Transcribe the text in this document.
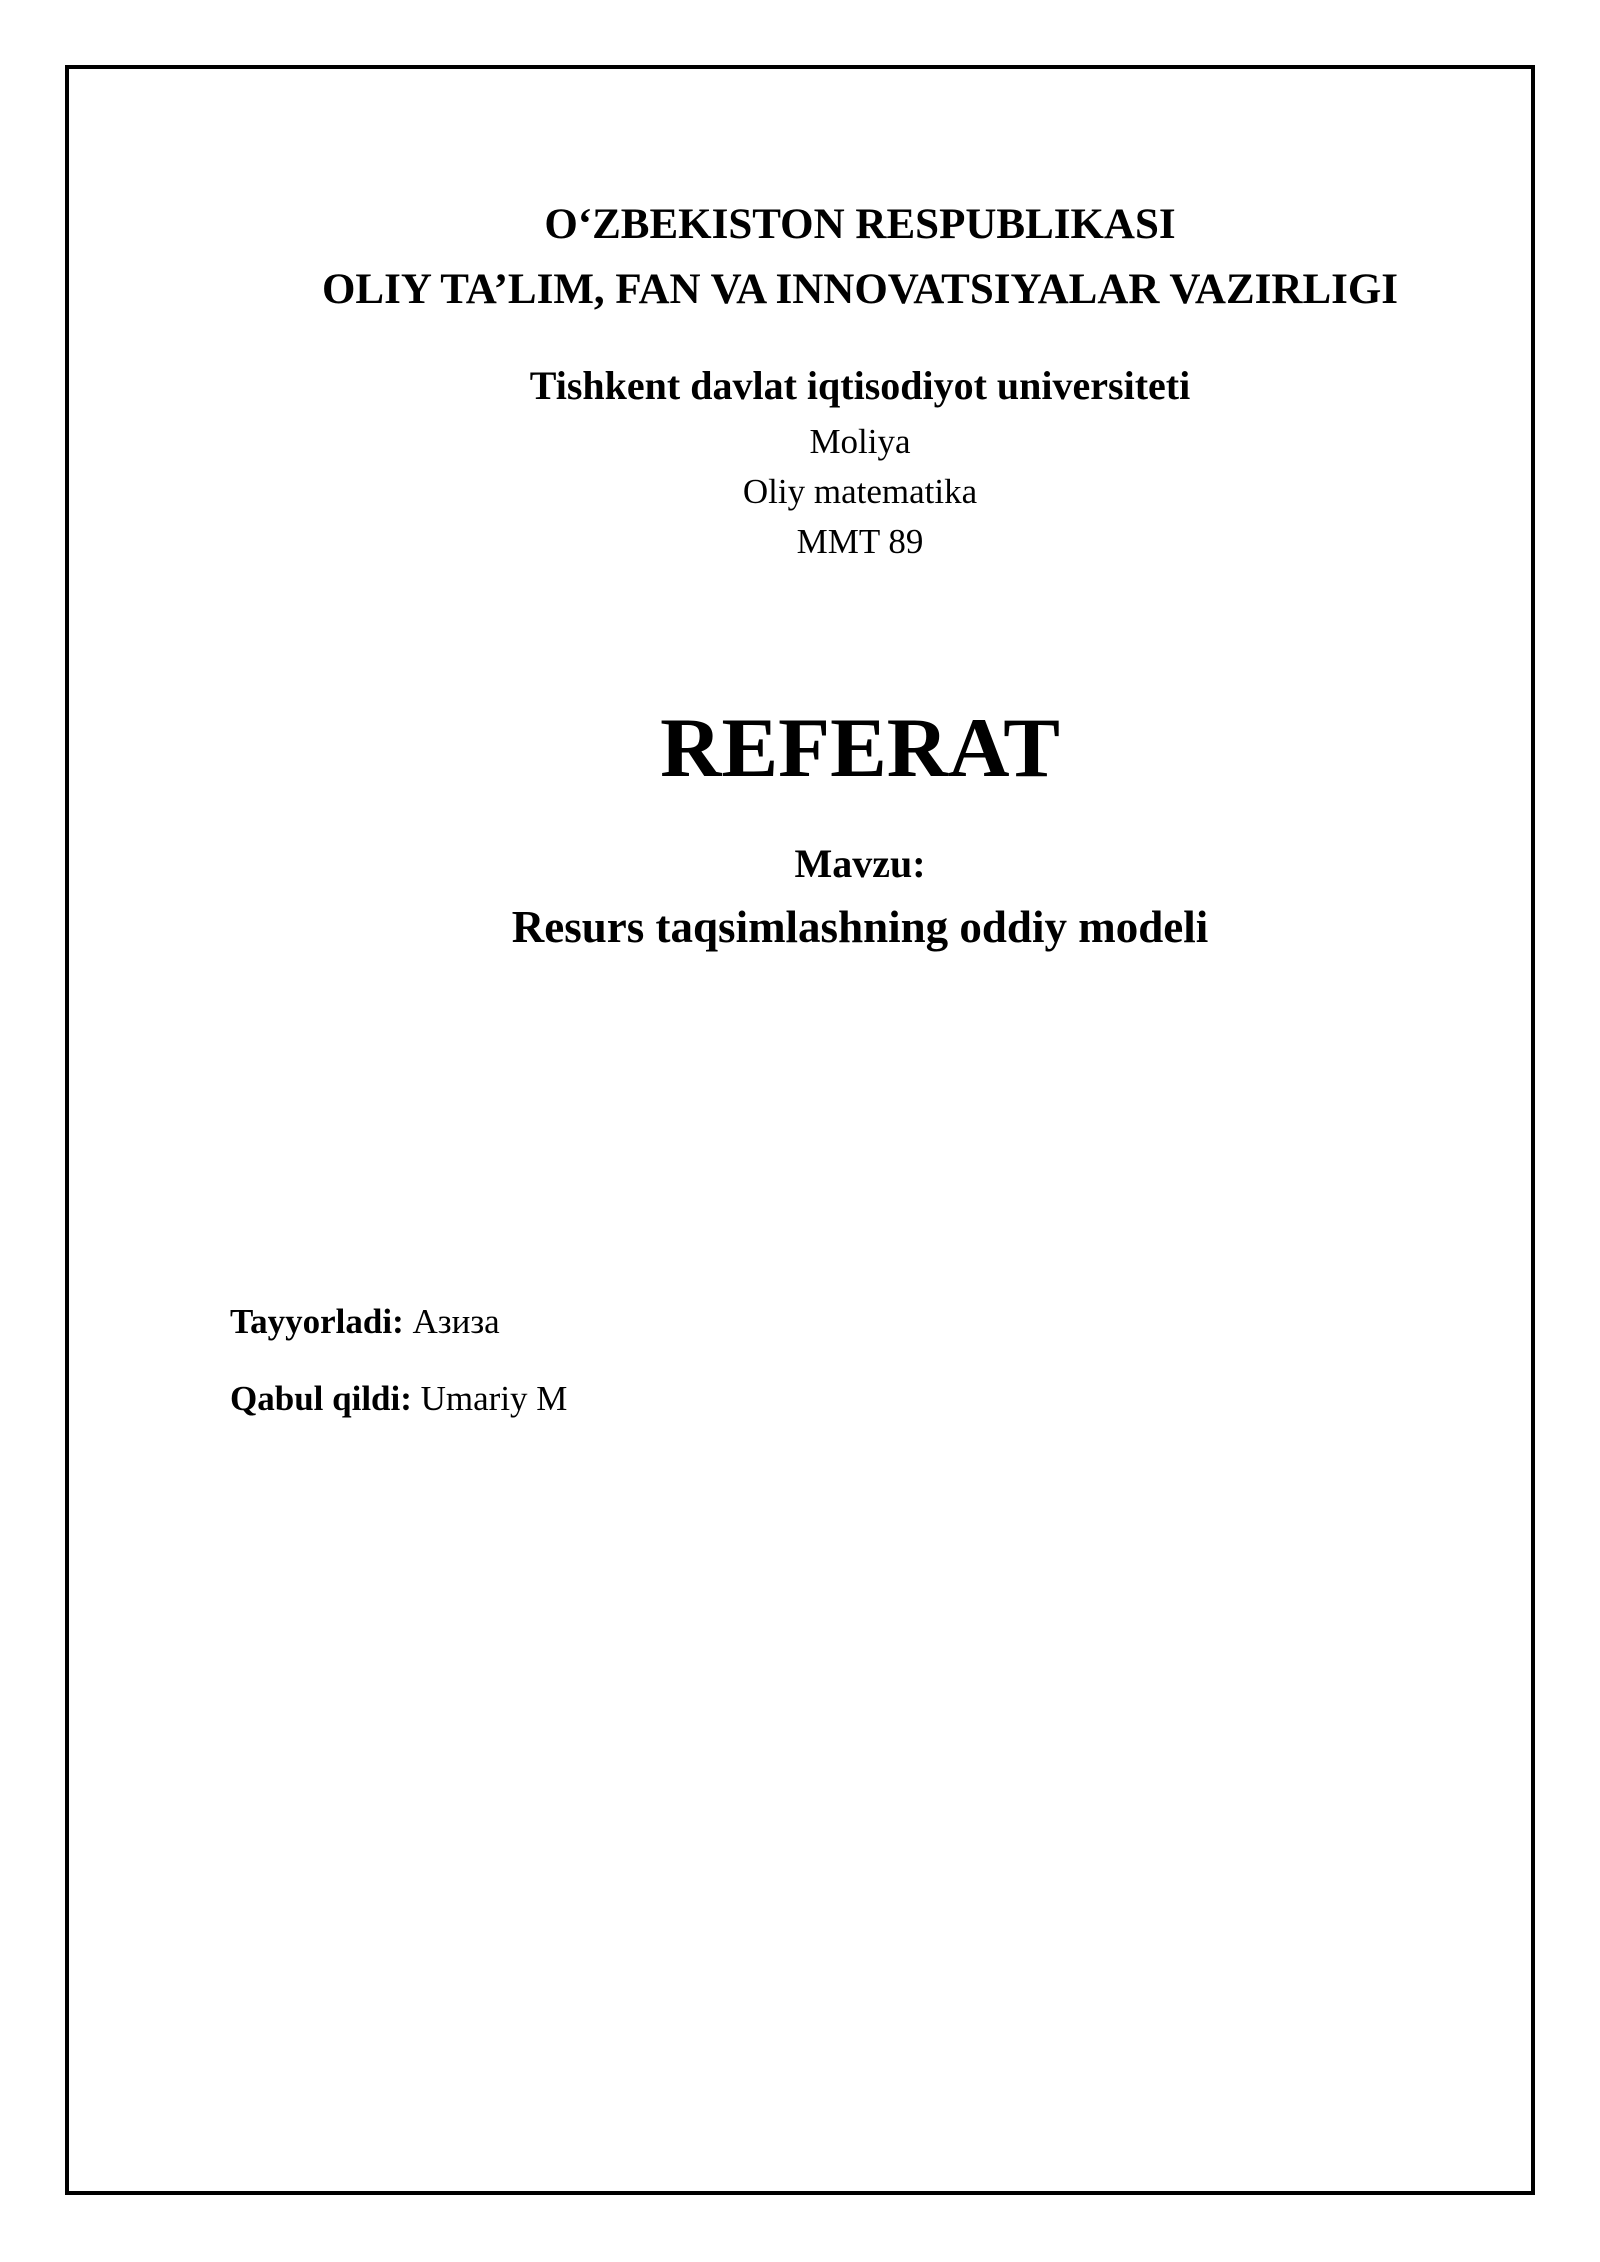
O‘ZBEKISTON RESPUBLIKASI
OLIY TA’LIM, FAN VA INNOVATSIYALAR VAZIRLIGI
Tishkent davlat iqtisodiyot universiteti
Moliya
Oliy matematika
MMT 89
REFERAT
Mavzu:
Resurs taqsimlashning oddiy modeli
Tayyorladi: Азиза
Qabul qildi: Umariy M
